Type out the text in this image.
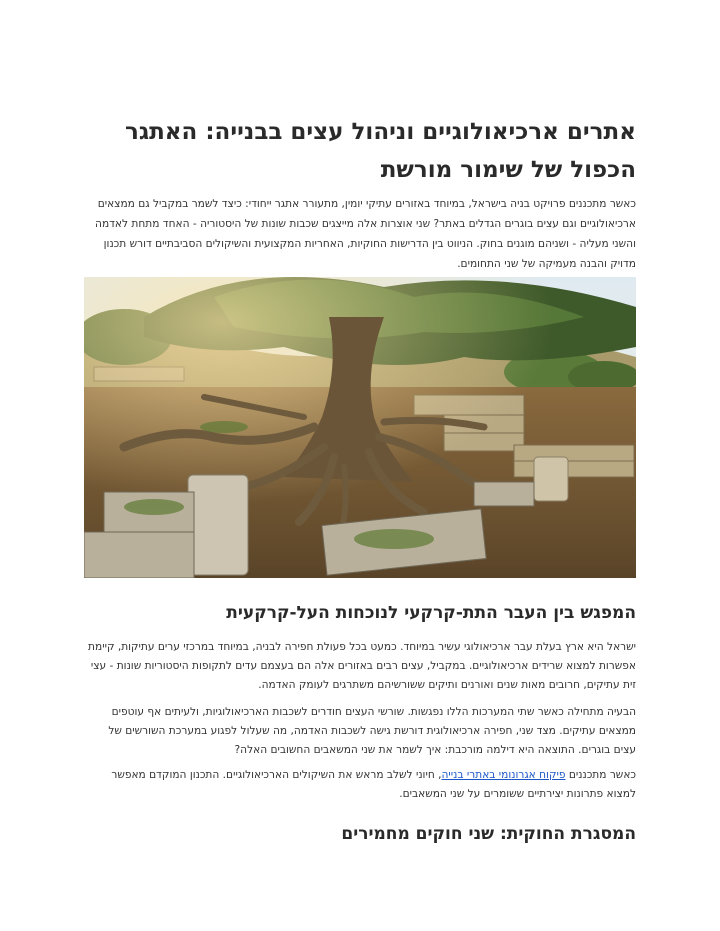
אתרים ארכיאולוגיים וניהול עצים בבנייה: האתגר הכפול של שימור מורשת

כאשר מתכננים פרויקט בניה בישראל, במיוחד באזורים עתיקי יומין, מתעורר אתגר ייחודי: כיצד לשמר במקביל גם ממצאים ארכיאולוגיים וגם עצים בוגרים הגדלים באתר? שני אוצרות אלה מייצגים שכבות שונות של היסטוריה - האחד מתחת לאדמה והשני מעליה - ושניהם מוגנים בחוק. הניווט בין הדרישות החוקיות, האחריות המקצועית והשיקולים הסביבתיים דורש תכנון מדויק והבנה מעמיקה של שני התחומים.

המפגש בין העבר התת-קרקעי לנוכחות העל-קרקעית

ישראל היא ארץ בעלת עבר ארכיאולוגי עשיר במיוחד. כמעט בכל פעולת חפירה לבניה, במיוחד במרכזי ערים עתיקות, קיימת אפשרות למצוא שרידים ארכיאולוגיים. במקביל, עצים רבים באזורים אלה הם בעצמם עדים לתקופות היסטוריות שונות - עצי זית עתיקים, חרובים מאות שנים ואורנים ותיקים ששורשיהם משתרגים לעומק האדמה.

הבעיה מתחילה כאשר שתי המערכות הללו נפגשות. שורשי העצים חודרים לשכבות הארכיאולוגיות, ולעיתים אף עוטפים ממצאים עתיקים. מצד שני, חפירה ארכיאולוגית דורשת גישה לשכבות האדמה, מה שעלול לפגוע במערכת השורשים של עצים בוגרים. התוצאה היא דילמה מורכבת: איך לשמר את שני המשאבים החשובים האלה?

כאשר מתכננים פיקוח אגרונומי באתרי בנייה, חיוני לשלב מראש את השיקולים הארכיאולוגיים. התכנון המוקדם מאפשר למצוא פתרונות יצירתיים ששומרים על שני המשאבים.

המסגרת החוקית: שני חוקים מחמירים
